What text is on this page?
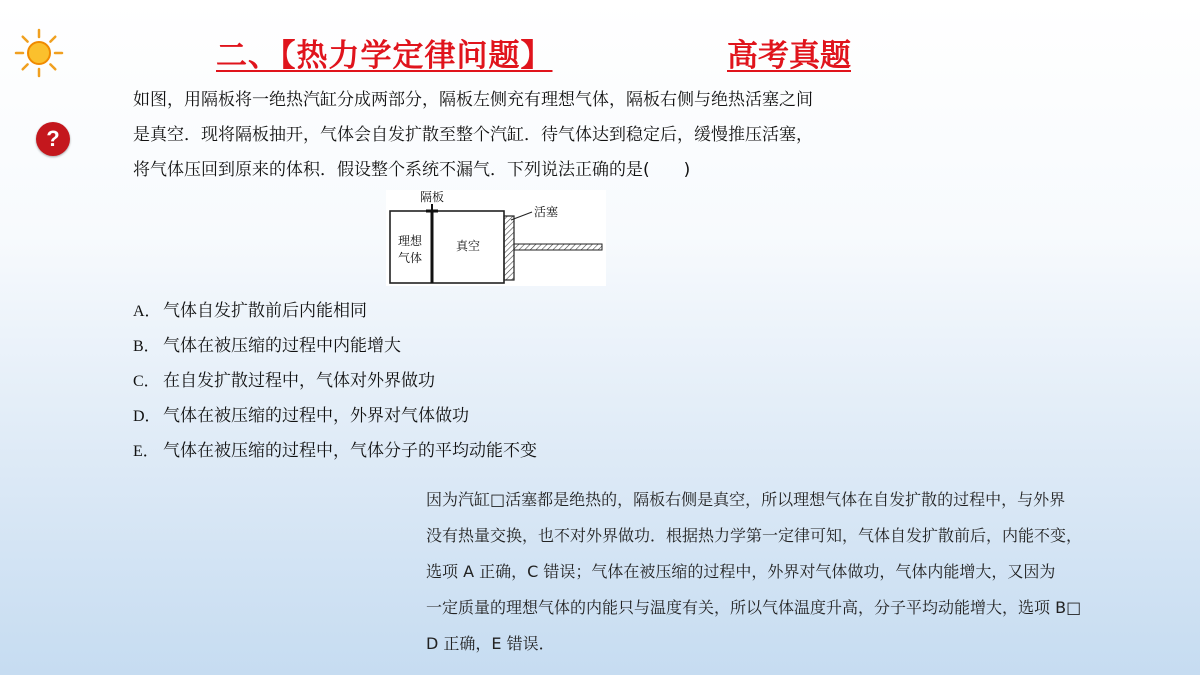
?
二、【热力学定律问题】	高考真题
如图，用隔板将一绝热汽缸分成两部分，隔板左侧充有理想气体，隔板右侧与绝热活塞之间
是真空．现将隔板抽开，气体会自发扩散至整个汽缸．待气体达到稳定后，缓慢推压活塞，
将气体压回到原来的体积．假设整个系统不漏气．下列说法正确的是(　　)
隔板
活塞
理想
气体
真空
A． 气体自发扩散前后内能相同
B． 气体在被压缩的过程中内能增大
C． 在自发扩散过程中，气体对外界做功
D． 气体在被压缩的过程中，外界对气体做功
E． 气体在被压缩的过程中，气体分子的平均动能不变
因为汽缸□活塞都是绝热的，隔板右侧是真空，所以理想气体在自发扩散的过程中，与外界
没有热量交换，也不对外界做功．根据热力学第一定律可知，气体自发扩散前后，内能不变，
选项 A 正确，C 错误；气体在被压缩的过程中，外界对气体做功，气体内能增大，又因为
一定质量的理想气体的内能只与温度有关，所以气体温度升高，分子平均动能增大，选项 B□
D 正确，E 错误．
